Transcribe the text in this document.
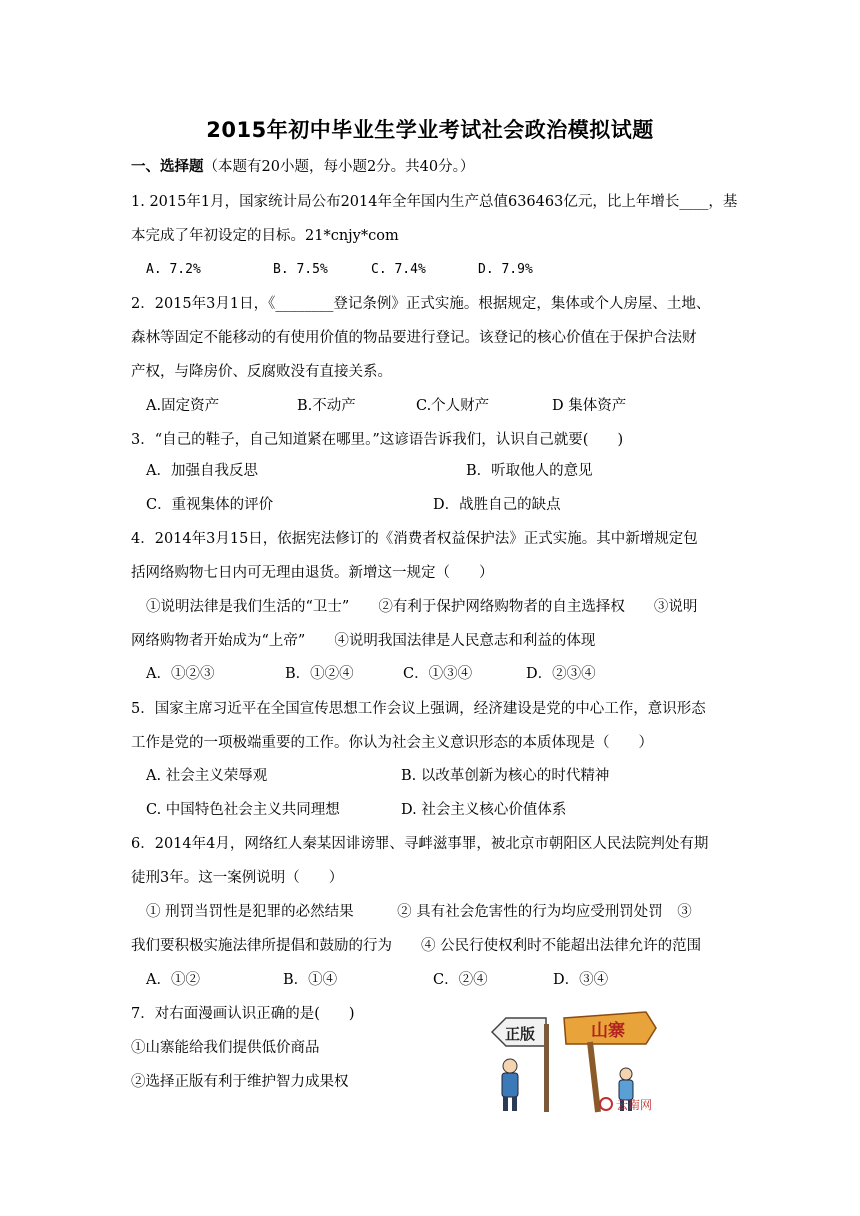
2015年初中毕业生学业考试社会政治模拟试题
一、选择题（本题有20小题，每小题2分。共40分。）
1. 2015年1月，国家统计局公布2014年全年国内生产总值636463亿元，比上年增长____，基
本完成了年初设定的目标。21*cnjy*com
A. 7.2%	B. 7.5%	C. 7.4%	D. 7.9%
2．2015年3月1日，《________登记条例》正式实施。根据规定，集体或个人房屋、土地、
森林等固定不能移动的有使用价值的物品要进行登记。该登记的核心价值在于保护合法财
产权，与降房价、反腐败没有直接关系。
A.固定资产	B.不动产	C.个人财产	D 集体资产
3．“自己的鞋子，自己知道紧在哪里。”这谚语告诉我们，认识自己就要(　　)
A．加强自我反思	B．听取他人的意见
C．重视集体的评价	D．战胜自己的缺点
4．2014年3月15日，依据宪法修订的《消费者权益保护法》正式实施。其中新增规定包
括网络购物七日内可无理由退货。新增这一规定（　　）
①说明法律是我们生活的“卫士”　　②有利于保护网络购物者的自主选择权　　③说明
网络购物者开始成为“上帝”　　④说明我国法律是人民意志和利益的体现
A．①②③	B．①②④	C．①③④	D．②③④
5．国家主席习近平在全国宣传思想工作会议上强调，经济建设是党的中心工作，意识形态
工作是党的一项极端重要的工作。你认为社会主义意识形态的本质体现是（　　）
A. 社会主义荣辱观	B. 以改革创新为核心的时代精神
C. 中国特色社会主义共同理想	D. 社会主义核心价值体系
6．2014年4月，网络红人秦某因诽谤罪、寻衅滋事罪，被北京市朝阳区人民法院判处有期
徒刑3年。这一案例说明（　　）
① 刑罚当罚性是犯罪的必然结果　　　② 具有社会危害性的行为均应受刑罚处罚　③
我们要积极实施法律所提倡和鼓励的行为　　④ 公民行使权利时不能超出法律允许的范围
A．①②	B．①④	C．②④	D．③④
7．对右面漫画认识正确的是(　　)
①山寨能给我们提供低价商品
②选择正版有利于维护智力成果权
正版	山寨
云南网
